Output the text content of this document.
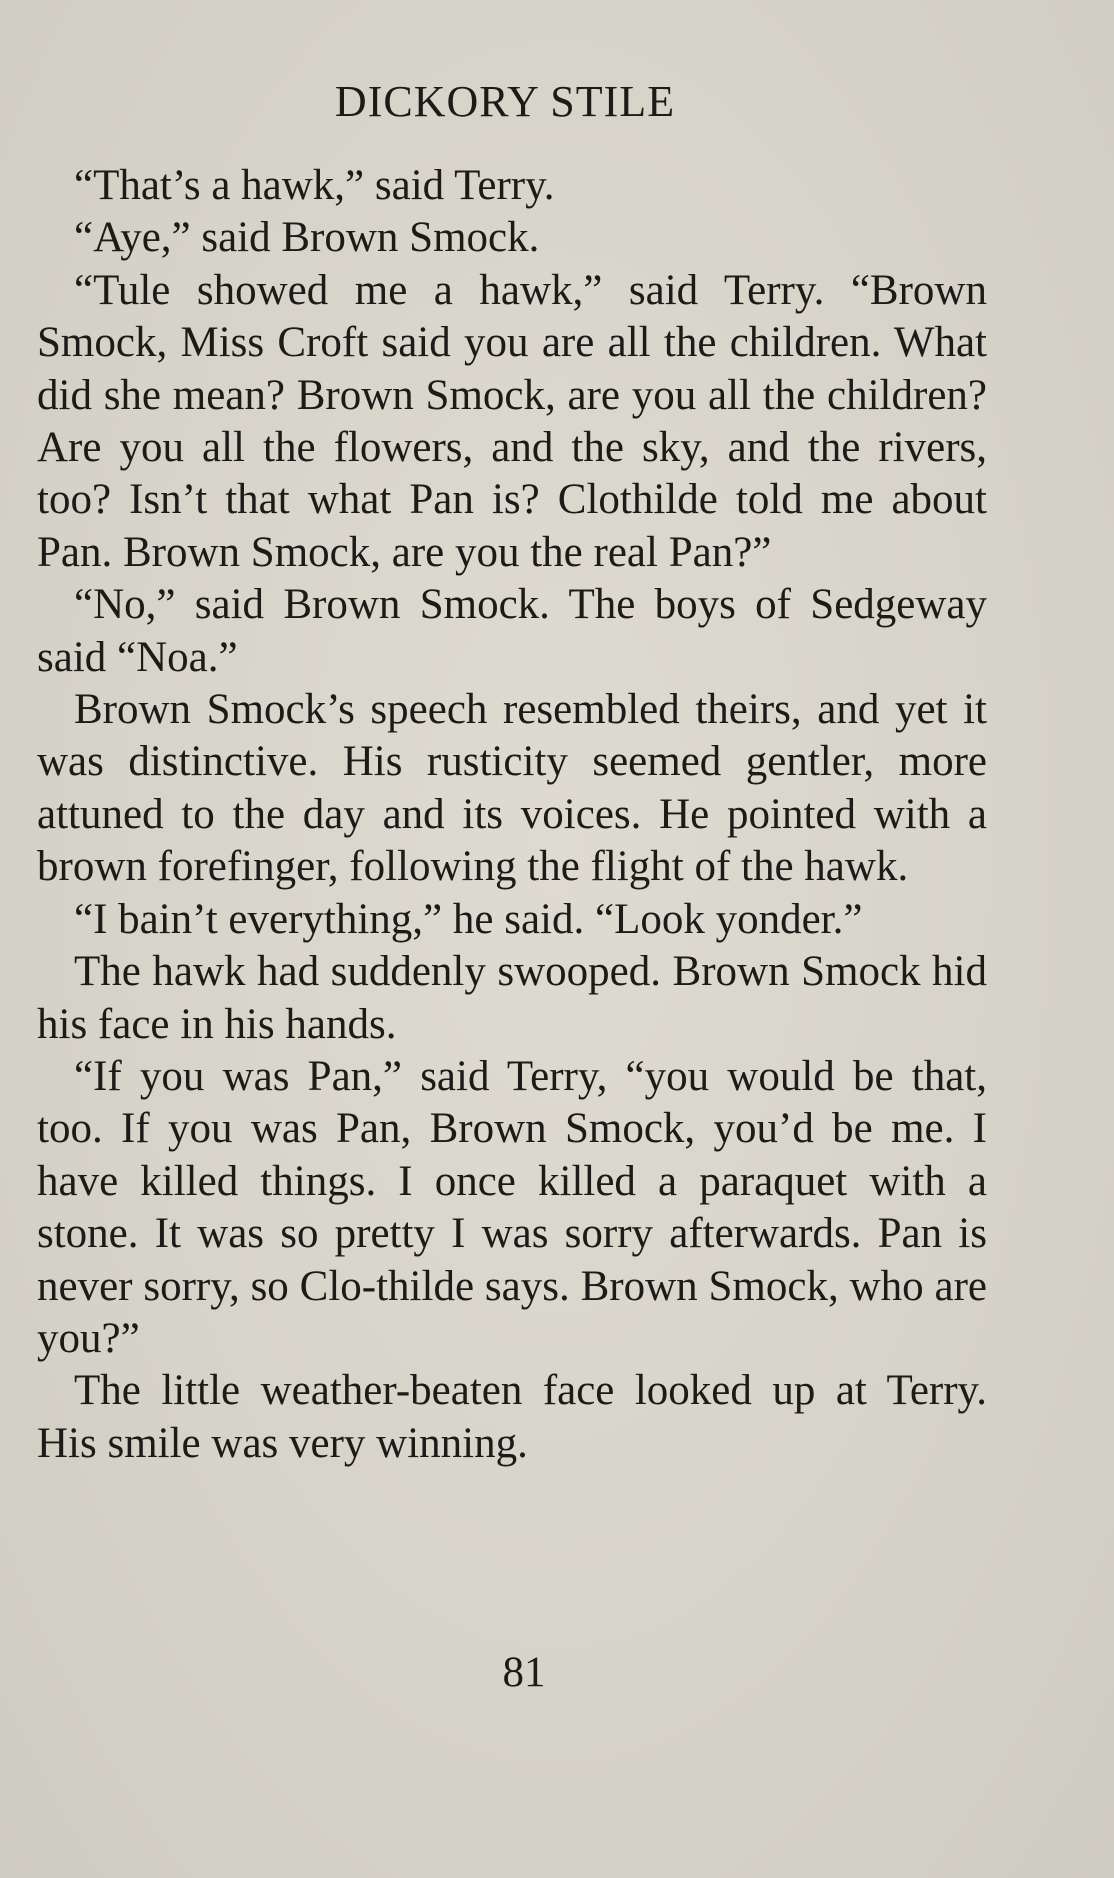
DICKORY STILE

“That’s a hawk,” said Terry.

“Aye,” said Brown Smock.

“Tule showed me a hawk,” said Terry. “Brown Smock, Miss Croft said you are all the children. What did she mean? Brown Smock, are you all the children? Are you all the flowers, and the sky, and the rivers, too? Isn’t that what Pan is? Clothilde told me about Pan. Brown Smock, are you the real Pan?”

“No,” said Brown Smock. The boys of Sedgeway said “Noa.”

Brown Smock’s speech resembled theirs, and yet it was distinctive. His rusticity seemed gentler, more attuned to the day and its voices. He pointed with a brown forefinger, following the flight of the hawk.

“I bain’t everything,” he said. “Look yonder.”

The hawk had suddenly swooped. Brown Smock hid his face in his hands.

“If you was Pan,” said Terry, “you would be that, too. If you was Pan, Brown Smock, you’d be me. I have killed things. I once killed a paraquet with a stone. It was so pretty I was sorry afterwards. Pan is never sorry, so Clo-thilde says. Brown Smock, who are you?”

The little weather-beaten face looked up at Terry. His smile was very winning.

81
